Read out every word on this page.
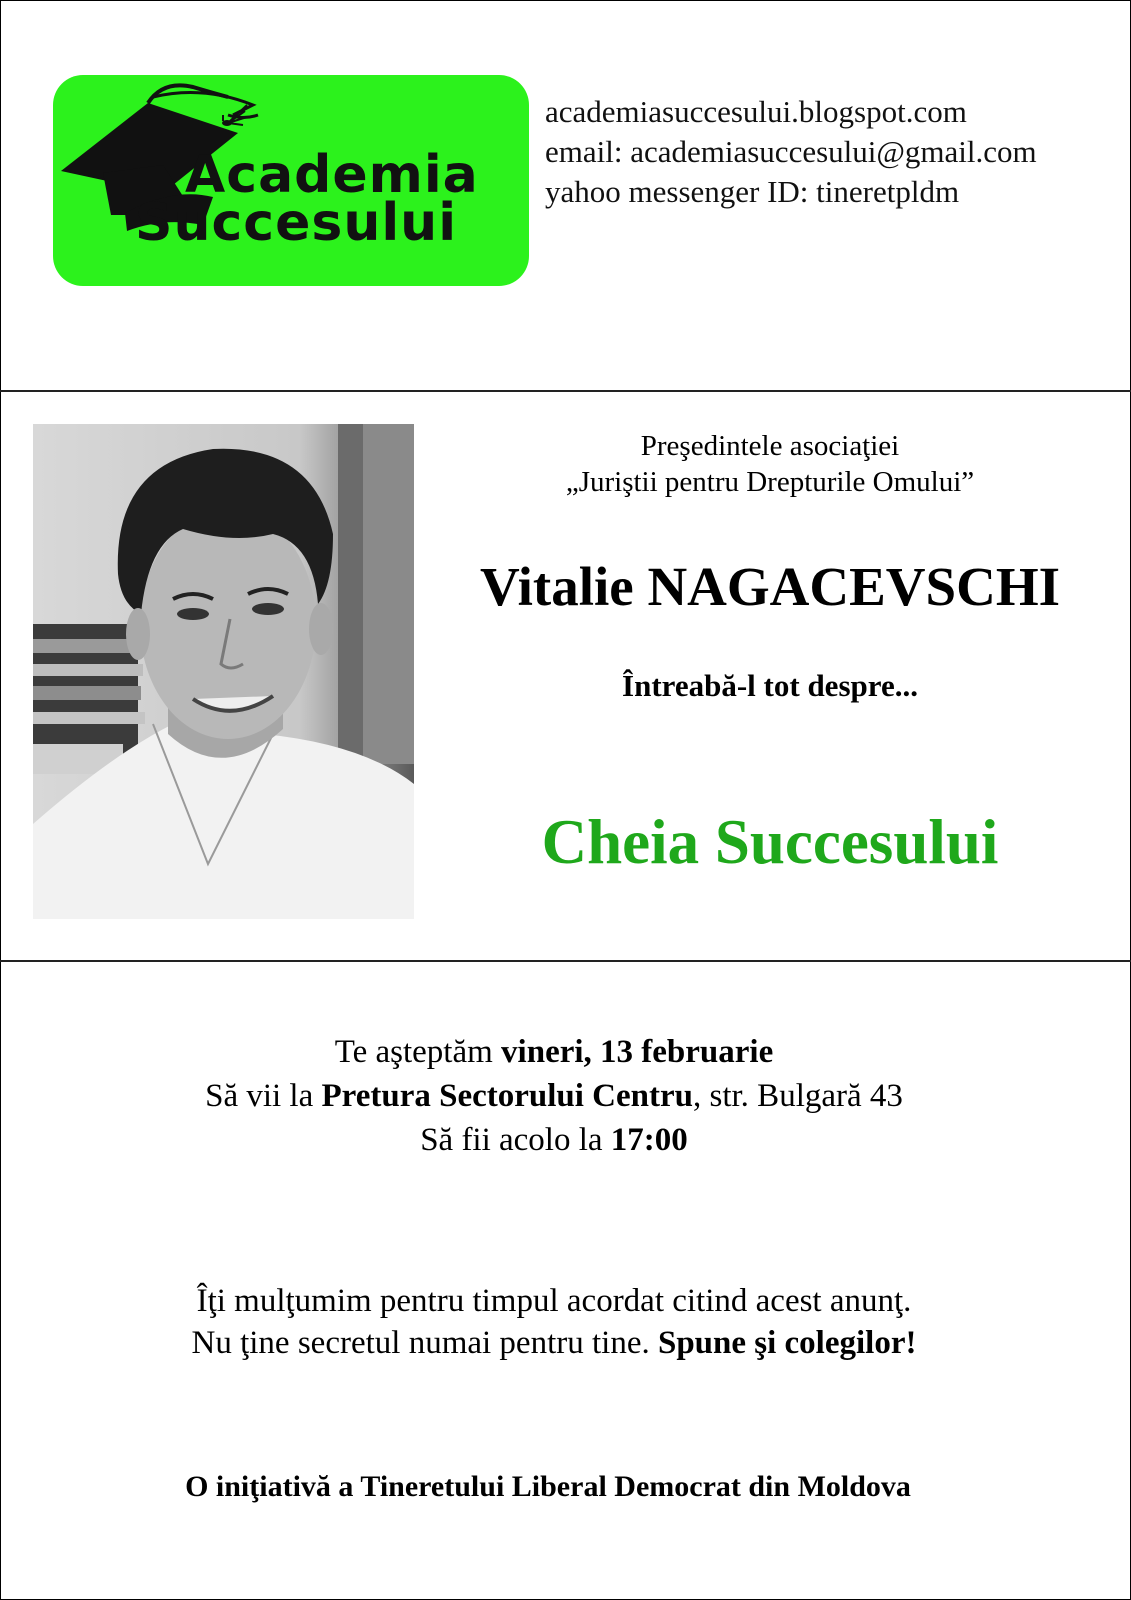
Academia
Succesului
academiasuccesului.blogspot.com
email: academiasuccesului@gmail.com
yahoo messenger ID: tineretpldm
Preşedintele asociaţiei
„Juriştii pentru Drepturile Omului”
Vitalie NAGACEVSCHI
Întreabă-l tot despre...
Cheia Succesului
Te aşteptăm vineri, 13 februarie
Să vii la Pretura Sectorului Centru, str. Bulgară 43
Să fii acolo la 17:00
Îţi mulţumim pentru timpul acordat citind acest anunţ.
Nu ţine secretul numai pentru tine. Spune şi colegilor!
O iniţiativă a Tineretului Liberal Democrat din Moldova
